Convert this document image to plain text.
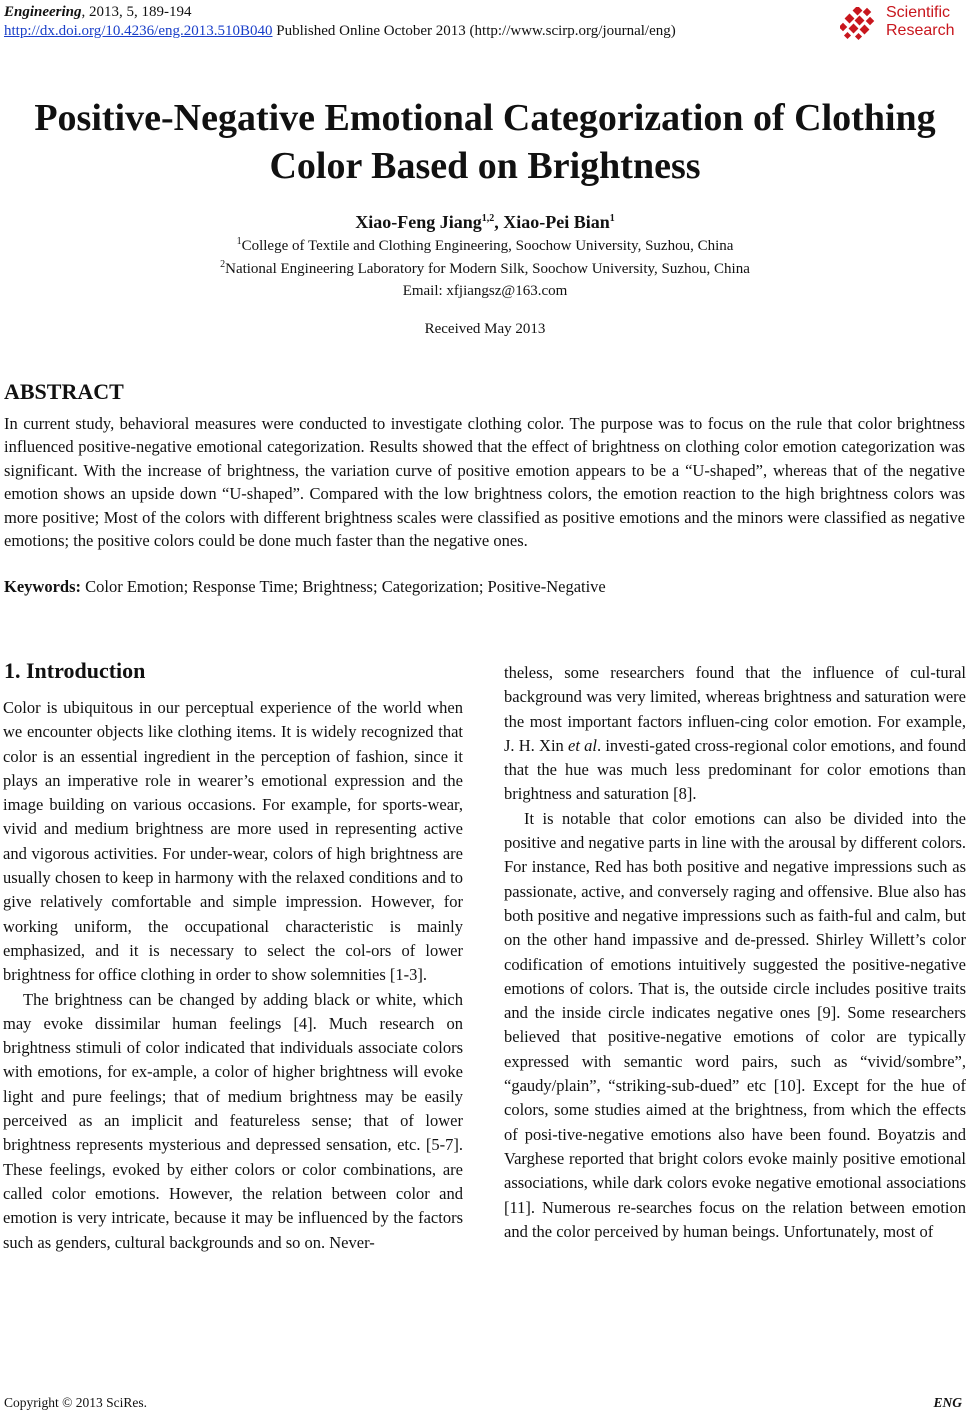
Engineering, 2013, 5, 189-194
http://dx.doi.org/10.4236/eng.2013.510B040 Published Online October 2013 (http://www.scirp.org/journal/eng)
Scientific
Research
Positive-Negative Emotional Categorization of Clothing
Color Based on Brightness
Xiao-Feng Jiang$^{1,2}$, Xiao-Pei Bian$^1$
$^1$College of Textile and Clothing Engineering, Soochow University, Suzhou, China
$^2$National Engineering Laboratory for Modern Silk, Soochow University, Suzhou, China
Email: xfjiangsz@163.com
Received May 2013
ABSTRACT
In current study, behavioral measures were conducted to investigate clothing color. The purpose was to focus on the rule that color brightness influenced positive-negative emotional categorization. Results showed that the effect of brightness on clothing color emotion categorization was significant. With the increase of brightness, the variation curve of positive emotion appears to be a “U-shaped”, whereas that of the negative emotion shows an upside down “U-shaped”. Compared with the low brightness colors, the emotion reaction to the high brightness colors was more positive; Most of the colors with different brightness scales were classified as positive emotions and the minors were classified as negative emotions; the positive colors could be done much faster than the negative ones.
Keywords: Color Emotion; Response Time; Brightness; Categorization; Positive-Negative
1. Introduction

Color is ubiquitous in our perceptual experience of the world when we encounter objects like clothing items. It is widely recognized that color is an essential ingredient in the perception of fashion, since it plays an imperative role in wearer’s emotional expression and the image building on various occasions. For example, for sports-wear, vivid and medium brightness are more used in representing active and vigorous activities. For under-wear, colors of high brightness are usually chosen to keep in harmony with the relaxed conditions and to give relatively comfortable and simple impression. However, for working uniform, the occupational characteristic is mainly emphasized, and it is necessary to select the col-ors of lower brightness for office clothing in order to show solemnities [1-3].

The brightness can be changed by adding black or white, which may evoke dissimilar human feelings [4]. Much research on brightness stimuli of color indicated that individuals associate colors with emotions, for ex-ample, a color of higher brightness will evoke light and pure feelings; that of medium brightness may be easily perceived as an implicit and featureless sense; that of lower brightness represents mysterious and depressed sensation, etc. [5-7]. These feelings, evoked by either colors or color combinations, are called color emotions. However, the relation between color and emotion is very intricate, because it may be influenced by the factors such as genders, cultural backgrounds and so on. Never-

theless, some researchers found that the influence of cul-tural background was very limited, whereas brightness and saturation were the most important factors influen-cing color emotion. For example, J. H. Xin et al. investi-gated cross-regional color emotions, and found that the hue was much less predominant for color emotions than brightness and saturation [8].

It is notable that color emotions can also be divided into the positive and negative parts in line with the arousal by different colors. For instance, Red has both positive and negative impressions such as passionate, active, and conversely raging and offensive. Blue also has both positive and negative impressions such as faith-ful and calm, but on the other hand impassive and de-pressed. Shirley Willett’s color codification of emotions intuitively suggested the positive-negative emotions of colors. That is, the outside circle includes positive traits and the inside circle indicates negative ones [9]. Some researchers believed that positive-negative emotions of color are typically expressed with semantic word pairs, such as “vivid/sombre”, “gaudy/plain”, “striking-sub-dued” etc [10]. Except for the hue of colors, some studies aimed at the brightness, from which the effects of posi-tive-negative emotions also have been found. Boyatzis and Varghese reported that bright colors evoke mainly positive emotional associations, while dark colors evoke negative emotional associations [11]. Numerous re-searches focus on the relation between emotion and the color perceived by human beings. Unfortunately, most of

Copyright © 2013 SciRes.	ENG
